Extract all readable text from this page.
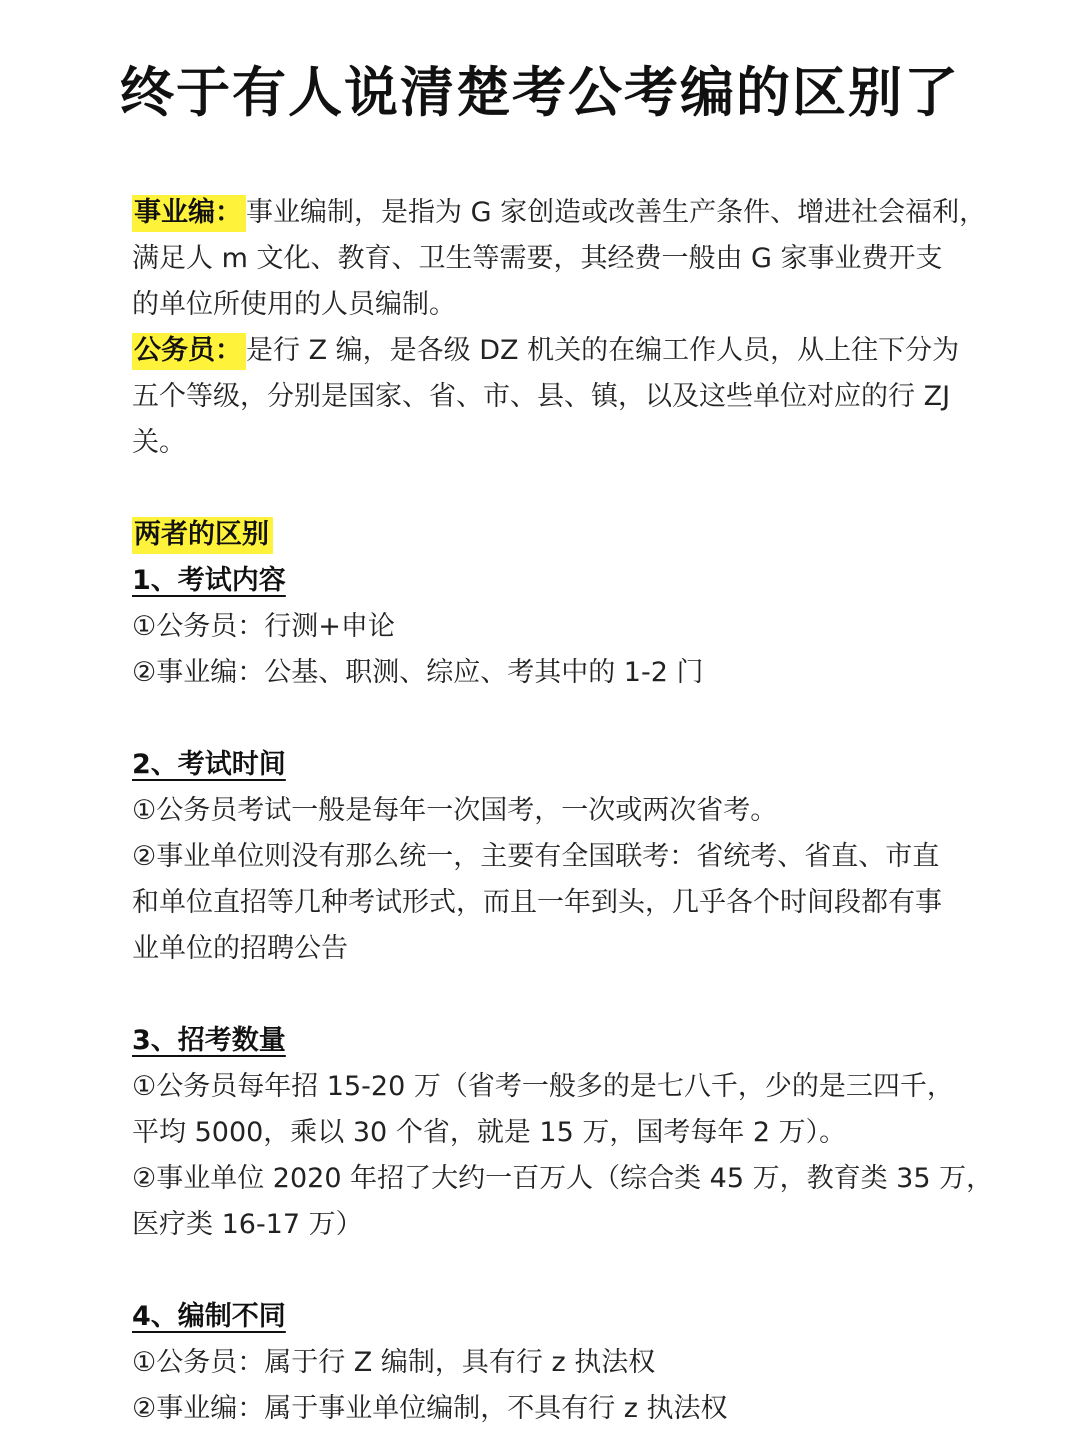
终于有人说清楚考公考编的区别了
事业编： 事业编制，是指为 G 家创造或改善生产条件、增进社会福利，
满足人 m 文化、教育、卫生等需要，其经费一般由 G 家事业费开支
的单位所使用的人员编制。
公务员： 是行 Z 编，是各级 DZ 机关的在编工作人员，从上往下分为
五个等级，分别是国家、省、市、县、镇，以及这些单位对应的行 ZJ
关。
两者的区别
1、考试内容
①公务员：行测+申论
②事业编：公基、职测、综应、考其中的 1-2 门
2、考试时间
①公务员考试一般是每年一次国考，一次或两次省考。
②事业单位则没有那么统一，主要有全国联考：省统考、省直、市直
和单位直招等几种考试形式，而且一年到头，几乎各个时间段都有事
业单位的招聘公告
3、招考数量
①公务员每年招 15-20 万（省考一般多的是七八千，少的是三四千，
平均 5000，乘以 30 个省，就是 15 万，国考每年 2 万）。
②事业单位 2020 年招了大约一百万人（综合类 45 万，教育类 35 万，
医疗类 16-17 万）
4、编制不同
①公务员：属于行 Z 编制，具有行 z 执法权
②事业编：属于事业单位编制，不具有行 z 执法权
